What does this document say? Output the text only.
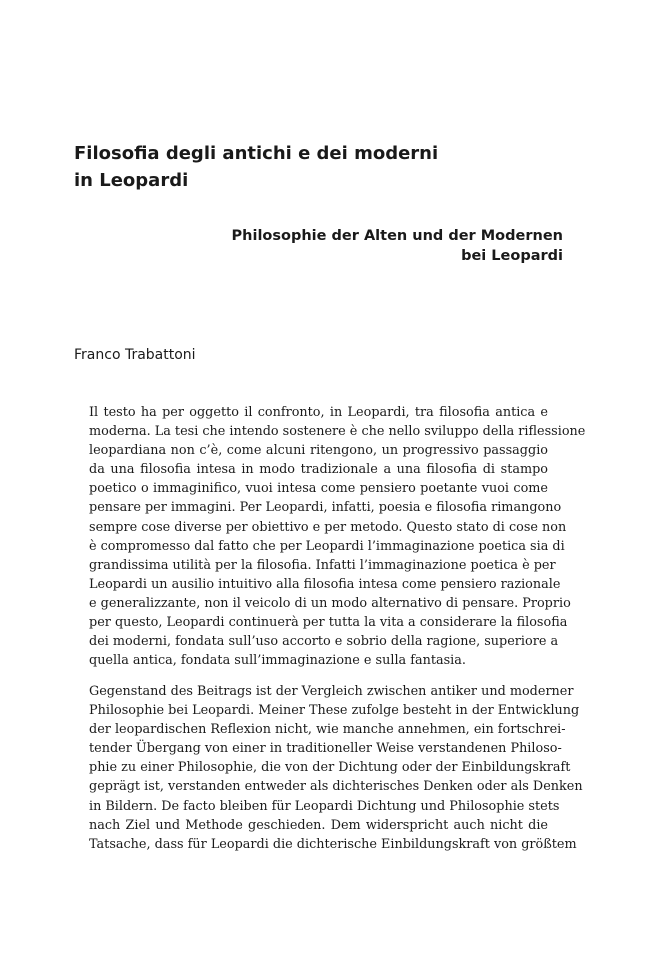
Filosofia degli antichi e dei moderni
in Leopardi
Philosophie der Alten und der Modernen
bei Leopardi

Franco Trabattoni

Il testo ha per oggetto il confronto, in Leopardi, tra filosofia antica e
moderna. La tesi che intendo sostenere è che nello sviluppo della riflessione
leopardiana non c’è, come alcuni ritengono, un progressivo passaggio
da una filosofia intesa in modo tradizionale a una filosofia di stampo
poetico o immaginifico, vuoi intesa come pensiero poetante vuoi come
pensare per immagini. Per Leopardi, infatti, poesia e filosofia rimangono
sempre cose diverse per obiettivo e per metodo. Questo stato di cose non
è compromesso dal fatto che per Leopardi l’immaginazione poetica sia di
grandissima utilità per la filosofia. Infatti l’immaginazione poetica è per
Leopardi un ausilio intuitivo alla filosofia intesa come pensiero razionale
e generalizzante, non il veicolo di un modo alternativo di pensare. Proprio
per questo, Leopardi continuerà per tutta la vita a considerare la filosofia
dei moderni, fondata sull’uso accorto e sobrio della ragione, superiore a
quella antica, fondata sull’immaginazione e sulla fantasia.
Gegenstand des Beitrags ist der Vergleich zwischen antiker und moderner
Philosophie bei Leopardi. Meiner These zufolge besteht in der Entwicklung
der leopardischen Reflexion nicht, wie manche annehmen, ein fortschrei-
tender Übergang von einer in traditioneller Weise verstandenen Philoso-
phie zu einer Philosophie, die von der Dichtung oder der Einbildungskraft
geprägt ist, verstanden entweder als dichterisches Denken oder als Denken
in Bildern. De facto bleiben für Leopardi Dichtung und Philosophie stets
nach Ziel und Methode geschieden. Dem widerspricht auch nicht die
Tatsache, dass für Leopardi die dichterische Einbildungskraft von größtem
